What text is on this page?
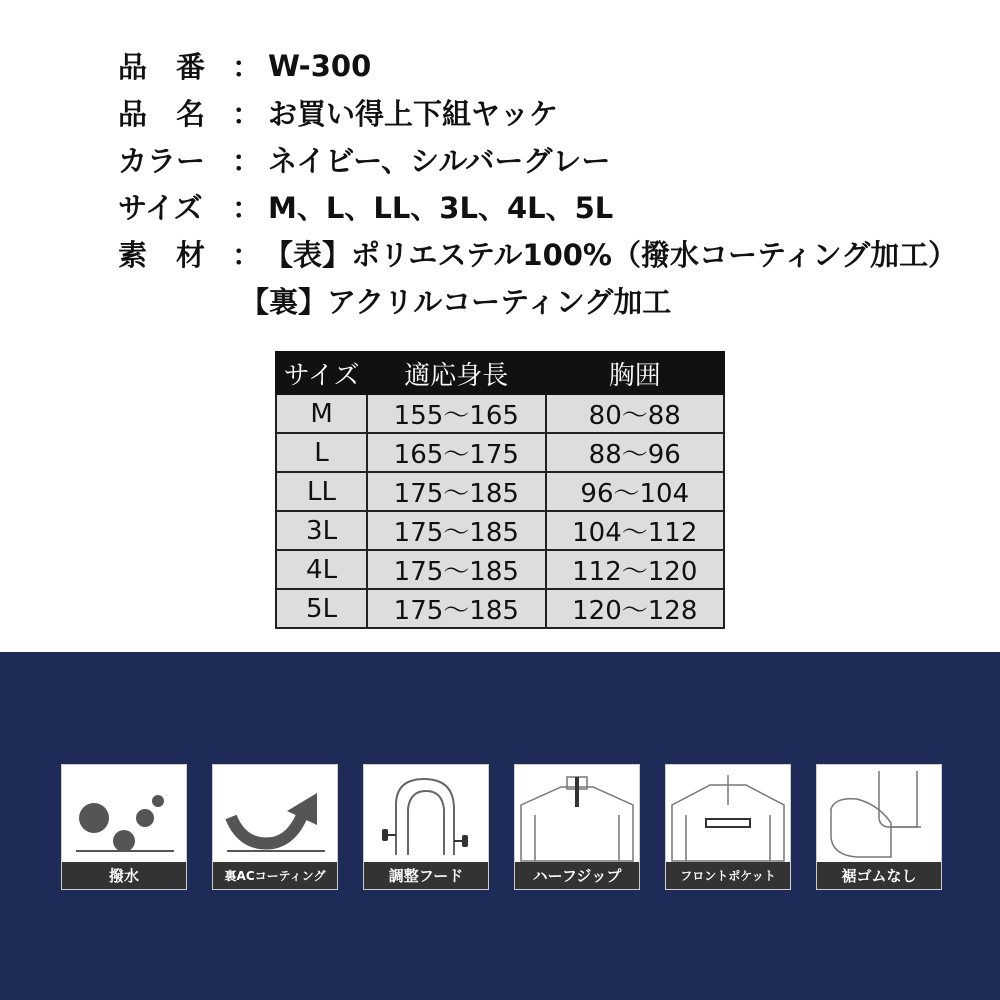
品　番 ： W-300
品　名 ： お買い得上下組ヤッケ
カラー ： ネイビー、シルバーグレー
サイズ	： M、L、LL、3L、4L、5L
素　材 ： 【表】ポリエステル100%（撥水コーティング加工）
【裏】アクリルコーティング加工
サイズ	適応身長	胸囲
M	155〜165	80〜88
L	165〜175	88〜96
LL	175〜185	96〜104
3L	175〜185	104〜112
4L	175〜185	112〜120
5L	175〜185	120〜128
撥水	裏ACコーティング	調整フード	ハーフジップ	フロントポケット	裾ゴムなし
